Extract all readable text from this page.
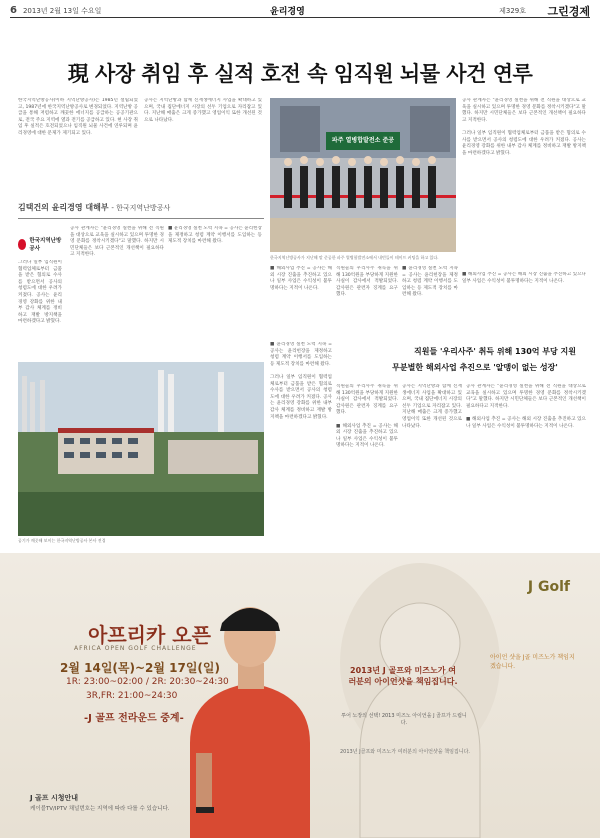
6 2013년 2월 13일 수요일	윤리경영	제329호 그린경제
現 사장 취임 후 실적 호전 속 임직원 뇌물 사건 연루
한국지역난방공사(이하 지역난방공사)는 1985년 설립되었고, 1987년에 한국지역난방공사로 변경되었다. 지역난방 공급을 통해 저렴하고 깨끗한 에너지를 공급하는 공공기관으로, 전국 주요 지역에 열과 전기를 공급하고 있다. 현 사장 취임 후 실적은 호전되었으나 임직원 뇌물 사건에 연루되며 윤리경영에 대한 문제가 제기되고 있다.
공사는 지역난방과 함께 신재생에너지 사업을 확대하고 있으며, 국내 집단에너지 시장의 선두 기업으로 자리잡고 있다. 지난해 매출은 크게 증가했고 영업이익 또한 개선된 것으로 나타났다.
김택건의 윤리경영 대해부 - 한국지역난방공사
한국지역난방공사
그러나 일부 임직원이 협력업체로부터 금품을 받은 혐의로 수사를 받으면서 공사의 청렴도에 대한 우려가 커졌다. 공사는 윤리경영 강화를 위한 내부 감사 체계를 정비하고 재발 방지책을 마련하겠다고 밝혔다.
공사 관계자는 "윤리경영 실천을 위해 전 직원을 대상으로 교육을 실시하고 있으며 투명한 경영 문화를 정착시키겠다"고 말했다. 하지만 시민단체들은 보다 근본적인 개선책이 필요하다고 지적한다.
■ 윤리경영 실천 노력 지속 = 공사는 윤리헌장을 제정하고 청렴 계약 이행서를 도입하는 등 제도적 장치를 마련해 왔다.
파주 열병합발전소 준공
한국지역난방공사가 지난해 말 준공한 파주 열병합발전소에서 내빈들이 테이프 커팅을 하고 있다.
공사 관계자는 "윤리경영 실천을 위해 전 직원을 대상으로 교육을 실시하고 있으며 투명한 경영 문화를 정착시키겠다"고 말했다. 하지만 시민단체들은 보다 근본적인 개선책이 필요하다고 지적한다.

그러나 일부 임직원이 협력업체로부터 금품을 받은 혐의로 수사를 받으면서 공사의 청렴도에 대한 우려가 커졌다. 공사는 윤리경영 강화를 위한 내부 감사 체계를 정비하고 재발 방지책을 마련하겠다고 밝혔다.
■ 해외사업 추진 = 공사는 해외 시장 진출을 추진하고 있으나 일부 사업은 수익성이 불투명하다는 지적이 나온다.
직원들의 우리사주 취득을 위해 130억원을 부당하게 지원한 사실이 감사에서 적발되었다. 감사원은 관련자 징계를 요구했다.
■ 윤리경영 실천 노력 지속 = 공사는 윤리헌장을 제정하고 청렴 계약 이행서를 도입하는 등 제도적 장치를 마련해 왔다.
■ 해외사업 추진 = 공사는 해외 시장 진출을 추진하고 있으나 일부 사업은 수익성이 불투명하다는 지적이 나온다.
직원들 '우리사주' 취득 위해 130억 부당 지원
무분별한 해외사업 추진으로 '알맹이 없는 성장'
공기가 깨끗해 보이는 한국지역난방공사 본사 전경
■ 윤리경영 실천 노력 지속 = 공사는 윤리헌장을 제정하고 청렴 계약 이행서를 도입하는 등 제도적 장치를 마련해 왔다.

그러나 일부 임직원이 협력업체로부터 금품을 받은 혐의로 수사를 받으면서 공사의 청렴도에 대한 우려가 커졌다. 공사는 윤리경영 강화를 위한 내부 감사 체계를 정비하고 재발 방지책을 마련하겠다고 밝혔다.
직원들의 우리사주 취득을 위해 130억원을 부당하게 지원한 사실이 감사에서 적발되었다. 감사원은 관련자 징계를 요구했다.

■ 해외사업 추진 = 공사는 해외 시장 진출을 추진하고 있으나 일부 사업은 수익성이 불투명하다는 지적이 나온다.
공사는 지역난방과 함께 신재생에너지 사업을 확대하고 있으며, 국내 집단에너지 시장의 선두 기업으로 자리잡고 있다. 지난해 매출은 크게 증가했고 영업이익 또한 개선된 것으로 나타났다.
공사 관계자는 "윤리경영 실천을 위해 전 직원을 대상으로 교육을 실시하고 있으며 투명한 경영 문화를 정착시키겠다"고 말했다. 하지만 시민단체들은 보다 근본적인 개선책이 필요하다고 지적한다.

■ 해외사업 추진 = 공사는 해외 시장 진출을 추진하고 있으나 일부 사업은 수익성이 불투명하다는 지적이 나온다.
J Golf
아프리카 오픈
AFRICA OPEN GOLF CHALLENGE
2월 14일(목)~2월 17일(일)
1R: 23:00~02:00 / 2R: 20:30~24:30
3R,FR: 21:00~24:30
-J 골프 전라운드 중계-
아이언 샷을 J골 미즈노가 책임지겠습니다.
2013년 J 골프와 미즈노가 여러분의 아이언샷을 책임집니다.
투어 노장의 선택! 2013 미즈노 아이언을 J 골프가 드립니다.
2013년 J골프와 미즈노가 여러분의 아이언샷을 책임집니다.
J 골프 시청안내
케이블TV/IPTV 채널번호는 지역에 따라 다를 수 있습니다.
